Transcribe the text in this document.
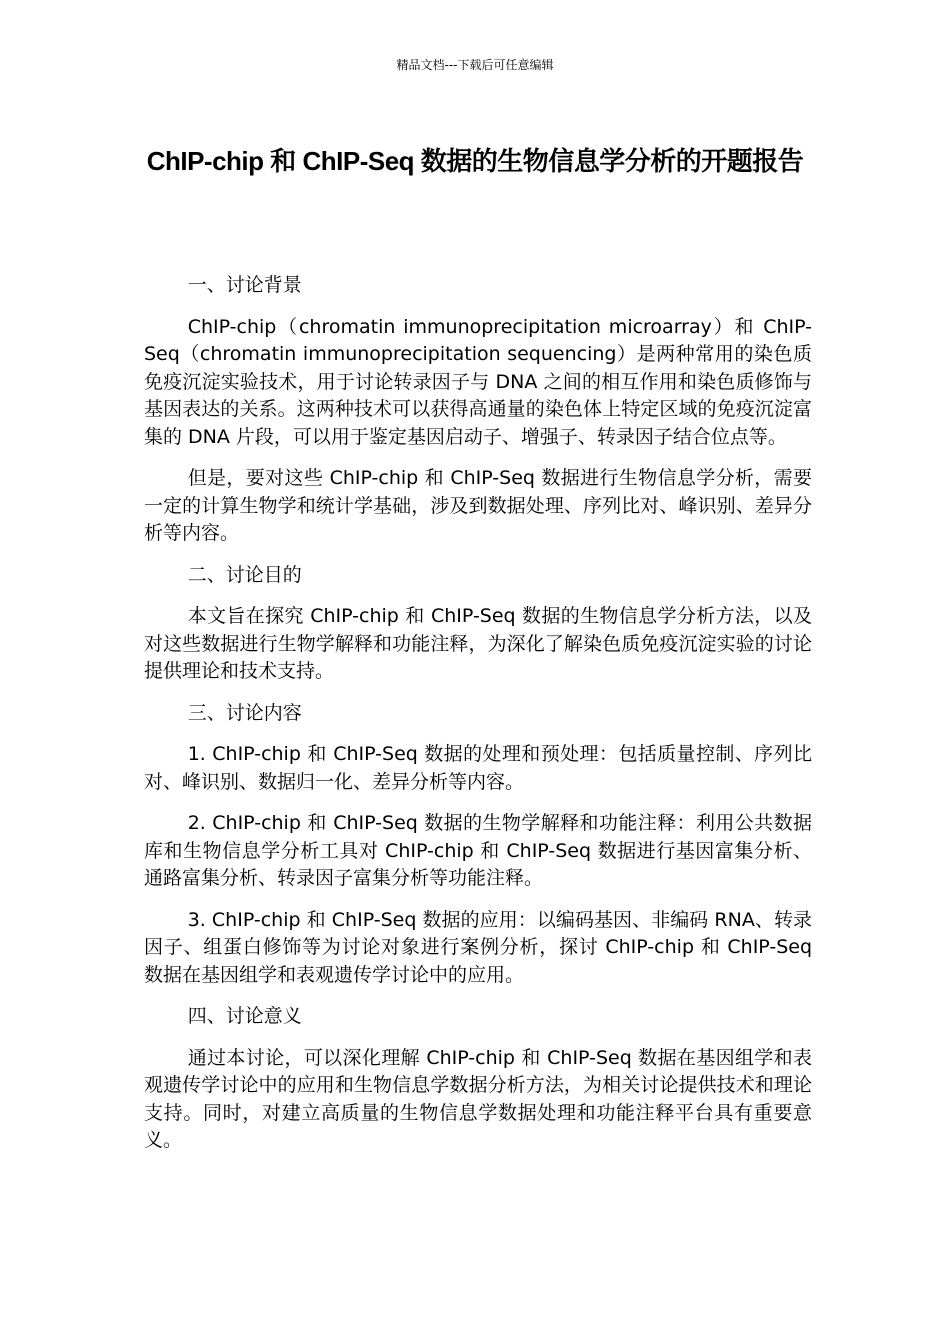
精品文档---下载后可任意编辑
ChIP-chip 和 ChIP-Seq 数据的生物信息学分析的开题报告

一、讨论背景

ChIP-chip（chromatin immunoprecipitation microarray）和 ChIP-Seq（chromatin immunoprecipitation sequencing）是两种常用的染色质免疫沉淀实验技术，用于讨论转录因子与 DNA 之间的相互作用和染色质修饰与基因表达的关系。这两种技术可以获得高通量的染色体上特定区域的免疫沉淀富集的 DNA 片段，可以用于鉴定基因启动子、增强子、转录因子结合位点等。

但是，要对这些 ChIP-chip 和 ChIP-Seq 数据进行生物信息学分析，需要一定的计算生物学和统计学基础，涉及到数据处理、序列比对、峰识别、差异分析等内容。

二、讨论目的

本文旨在探究 ChIP-chip 和 ChIP-Seq 数据的生物信息学分析方法，以及对这些数据进行生物学解释和功能注释，为深化了解染色质免疫沉淀实验的讨论提供理论和技术支持。

三、讨论内容

1. ChIP-chip 和 ChIP-Seq 数据的处理和预处理：包括质量控制、序列比对、峰识别、数据归一化、差异分析等内容。

2. ChIP-chip 和 ChIP-Seq 数据的生物学解释和功能注释：利用公共数据库和生物信息学分析工具对 ChIP-chip 和 ChIP-Seq 数据进行基因富集分析、通路富集分析、转录因子富集分析等功能注释。

3. ChIP-chip 和 ChIP-Seq 数据的应用：以编码基因、非编码 RNA、转录因子、组蛋白修饰等为讨论对象进行案例分析，探讨 ChIP-chip 和 ChIP-Seq 数据在基因组学和表观遗传学讨论中的应用。

四、讨论意义

通过本讨论，可以深化理解 ChIP-chip 和 ChIP-Seq 数据在基因组学和表观遗传学讨论中的应用和生物信息学数据分析方法，为相关讨论提供技术和理论支持。同时，对建立高质量的生物信息学数据处理和功能注释平台具有重要意义。
